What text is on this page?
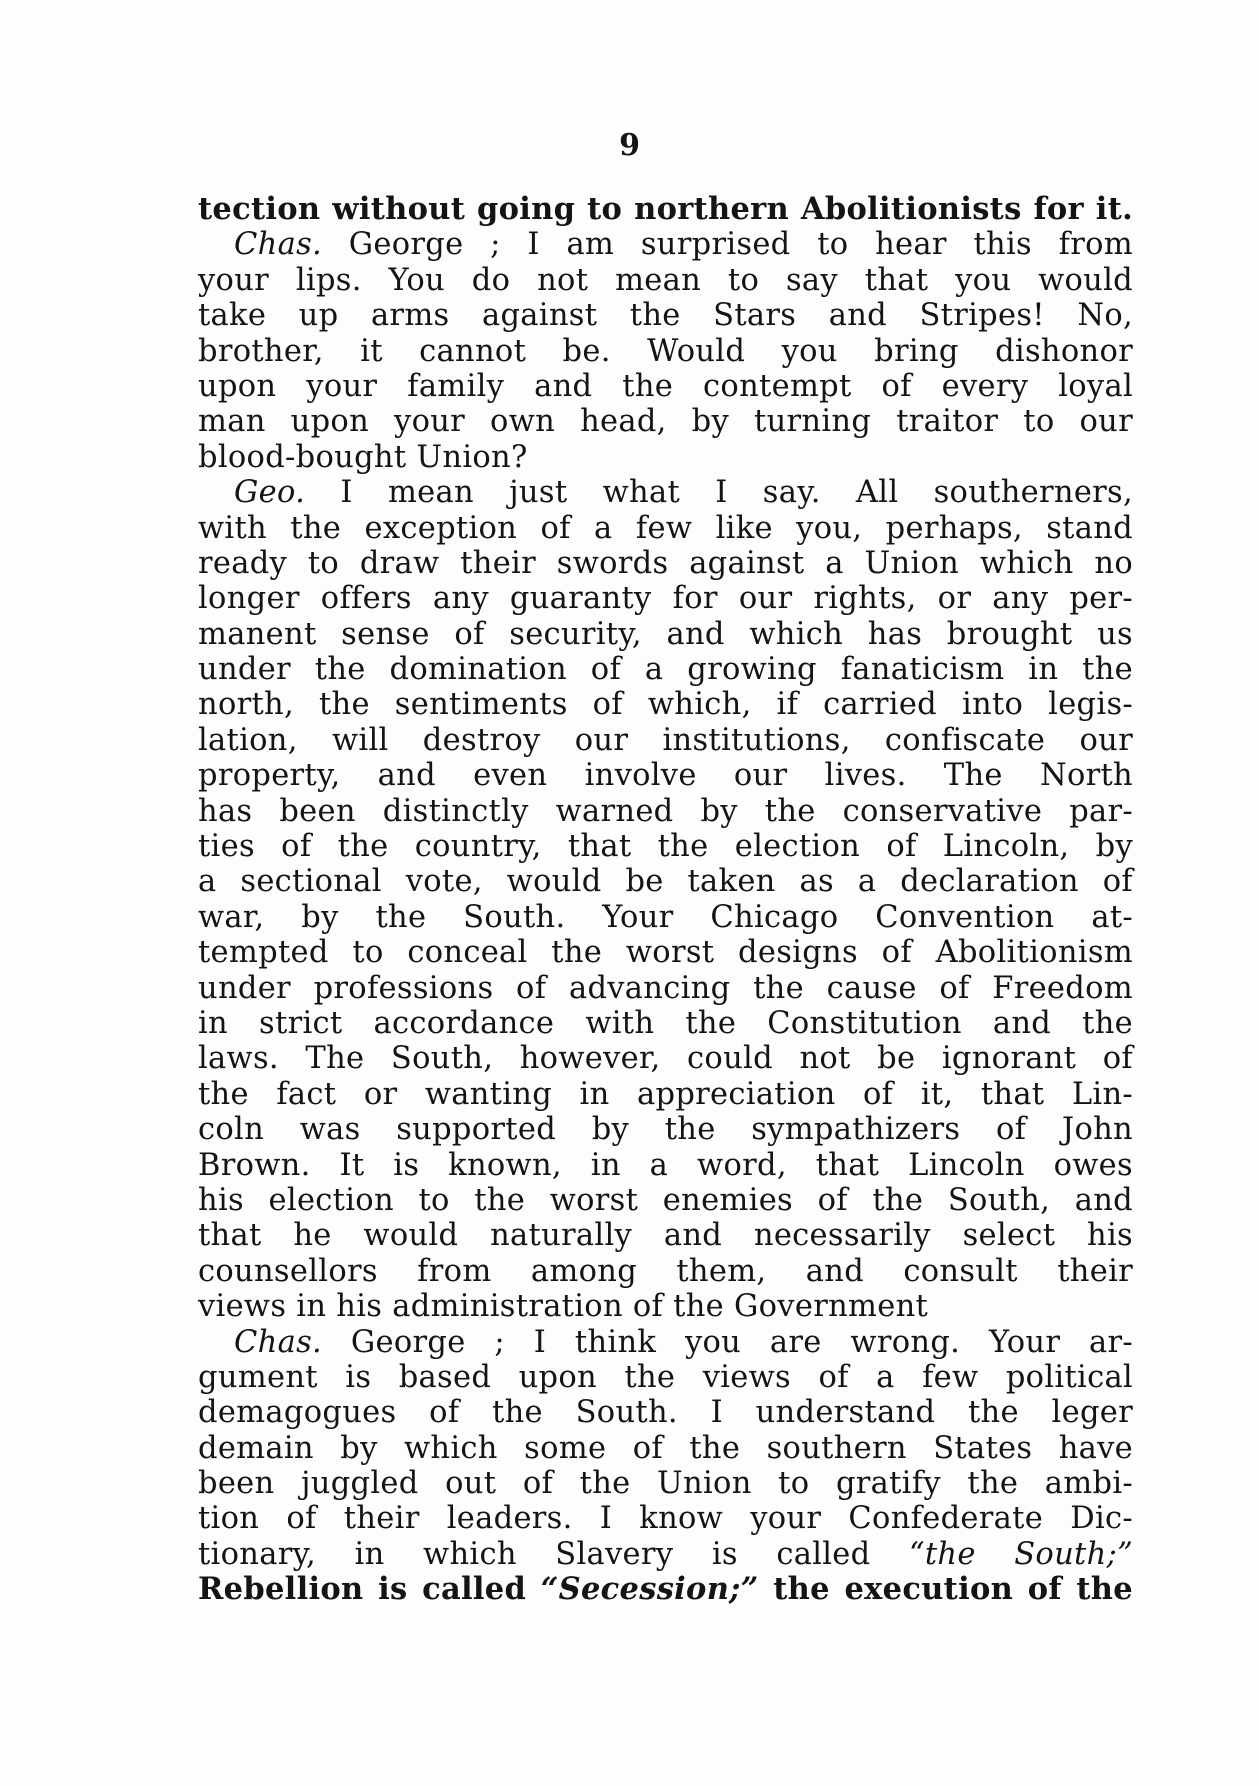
9
tection without going to northern Abolitionists for it.
Chas. George ; I am surprised to hear this from
your lips. You do not mean to say that you would
take up arms against the Stars and Stripes! No,
brother, it cannot be. Would you bring dishonor
upon your family and the contempt of every loyal
man upon your own head, by turning traitor to our
blood-bought Union?
Geo. I mean just what I say. All southerners,
with the exception of a few like you, perhaps, stand
ready to draw their swords against a Union which no
longer offers any guaranty for our rights, or any per-
manent sense of security, and which has brought us
under the domination of a growing fanaticism in the
north, the sentiments of which, if carried into legis-
lation, will destroy our institutions, confiscate our
property, and even involve our lives. The North
has been distinctly warned by the conservative par-
ties of the country, that the election of Lincoln, by
a sectional vote, would be taken as a declaration of
war, by the South. Your Chicago Convention at-
tempted to conceal the worst designs of Abolitionism
under professions of advancing the cause of Freedom
in strict accordance with the Constitution and the
laws. The South, however, could not be ignorant of
the fact or wanting in appreciation of it, that Lin-
coln was supported by the sympathizers of John
Brown. It is known, in a word, that Lincoln owes
his election to the worst enemies of the South, and
that he would naturally and necessarily select his
counsellors from among them, and consult their
views in his administration of the Government
Chas. George ; I think you are wrong. Your ar-
gument is based upon the views of a few political
demagogues of the South. I understand the leger
demain by which some of the southern States have
been juggled out of the Union to gratify the ambi-
tion of their leaders. I know your Confederate Dic-
tionary, in which Slavery is called “the South;”
Rebellion is called “Secession;” the execution of the
